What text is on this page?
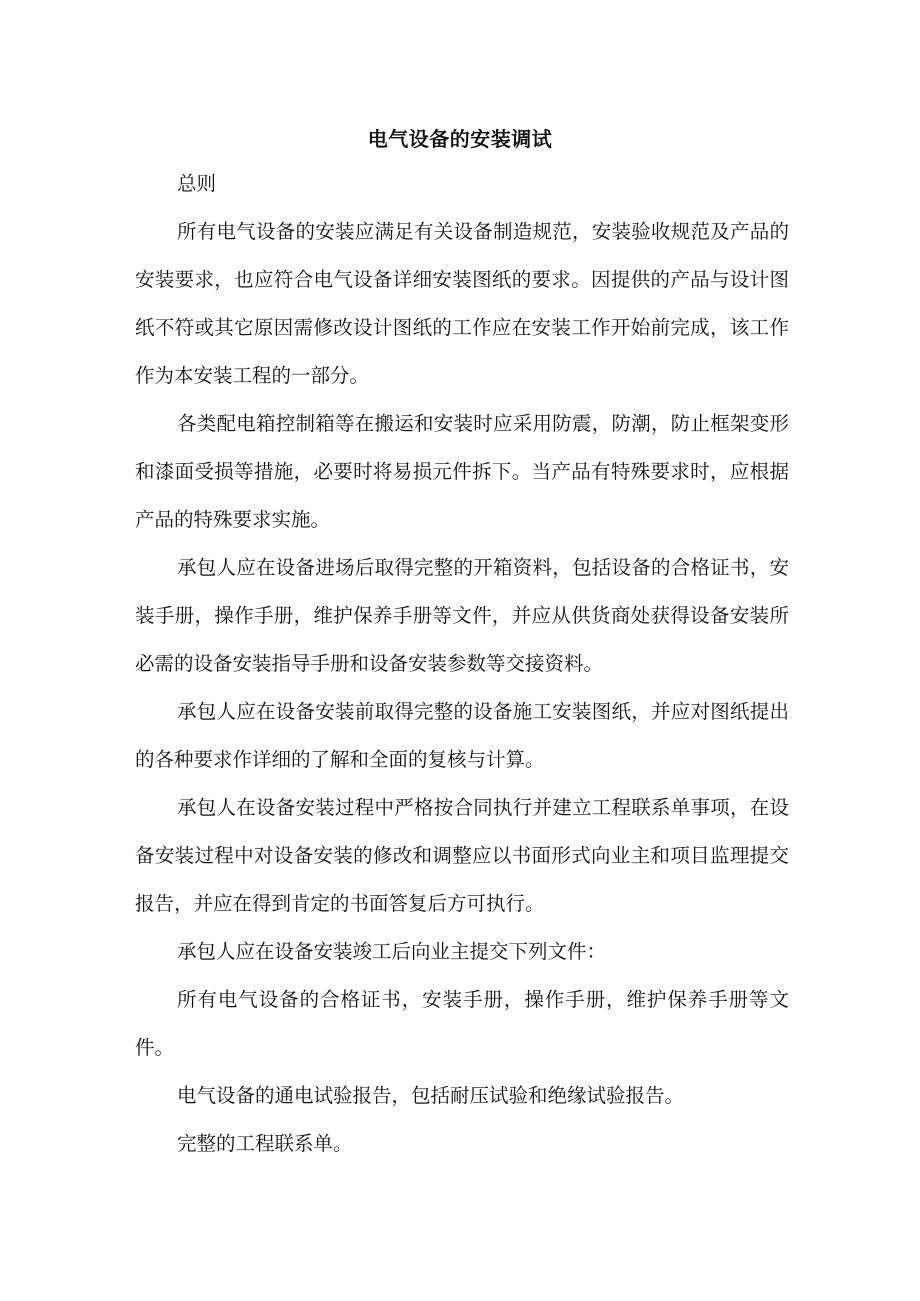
电气设备的安装调试

总则

所有电气设备的安装应满足有关设备制造规范，安装验收规范及产品的安装要求，也应符合电气设备详细安装图纸的要求。因提供的产品与设计图纸不符或其它原因需修改设计图纸的工作应在安装工作开始前完成，该工作作为本安装工程的一部分。

各类配电箱控制箱等在搬运和安装时应采用防震，防潮，防止框架变形和漆面受损等措施，必要时将易损元件拆下。当产品有特殊要求时，应根据产品的特殊要求实施。

承包人应在设备进场后取得完整的开箱资料，包括设备的合格证书，安装手册，操作手册，维护保养手册等文件，并应从供货商处获得设备安装所必需的设备安装指导手册和设备安装参数等交接资料。

承包人应在设备安装前取得完整的设备施工安装图纸，并应对图纸提出的各种要求作详细的了解和全面的复核与计算。

承包人在设备安装过程中严格按合同执行并建立工程联系单事项，在设备安装过程中对设备安装的修改和调整应以书面形式向业主和项目监理提交报告，并应在得到肯定的书面答复后方可执行。

承包人应在设备安装竣工后向业主提交下列文件：

所有电气设备的合格证书，安装手册，操作手册，维护保养手册等文件。

电气设备的通电试验报告，包括耐压试验和绝缘试验报告。

完整的工程联系单。
